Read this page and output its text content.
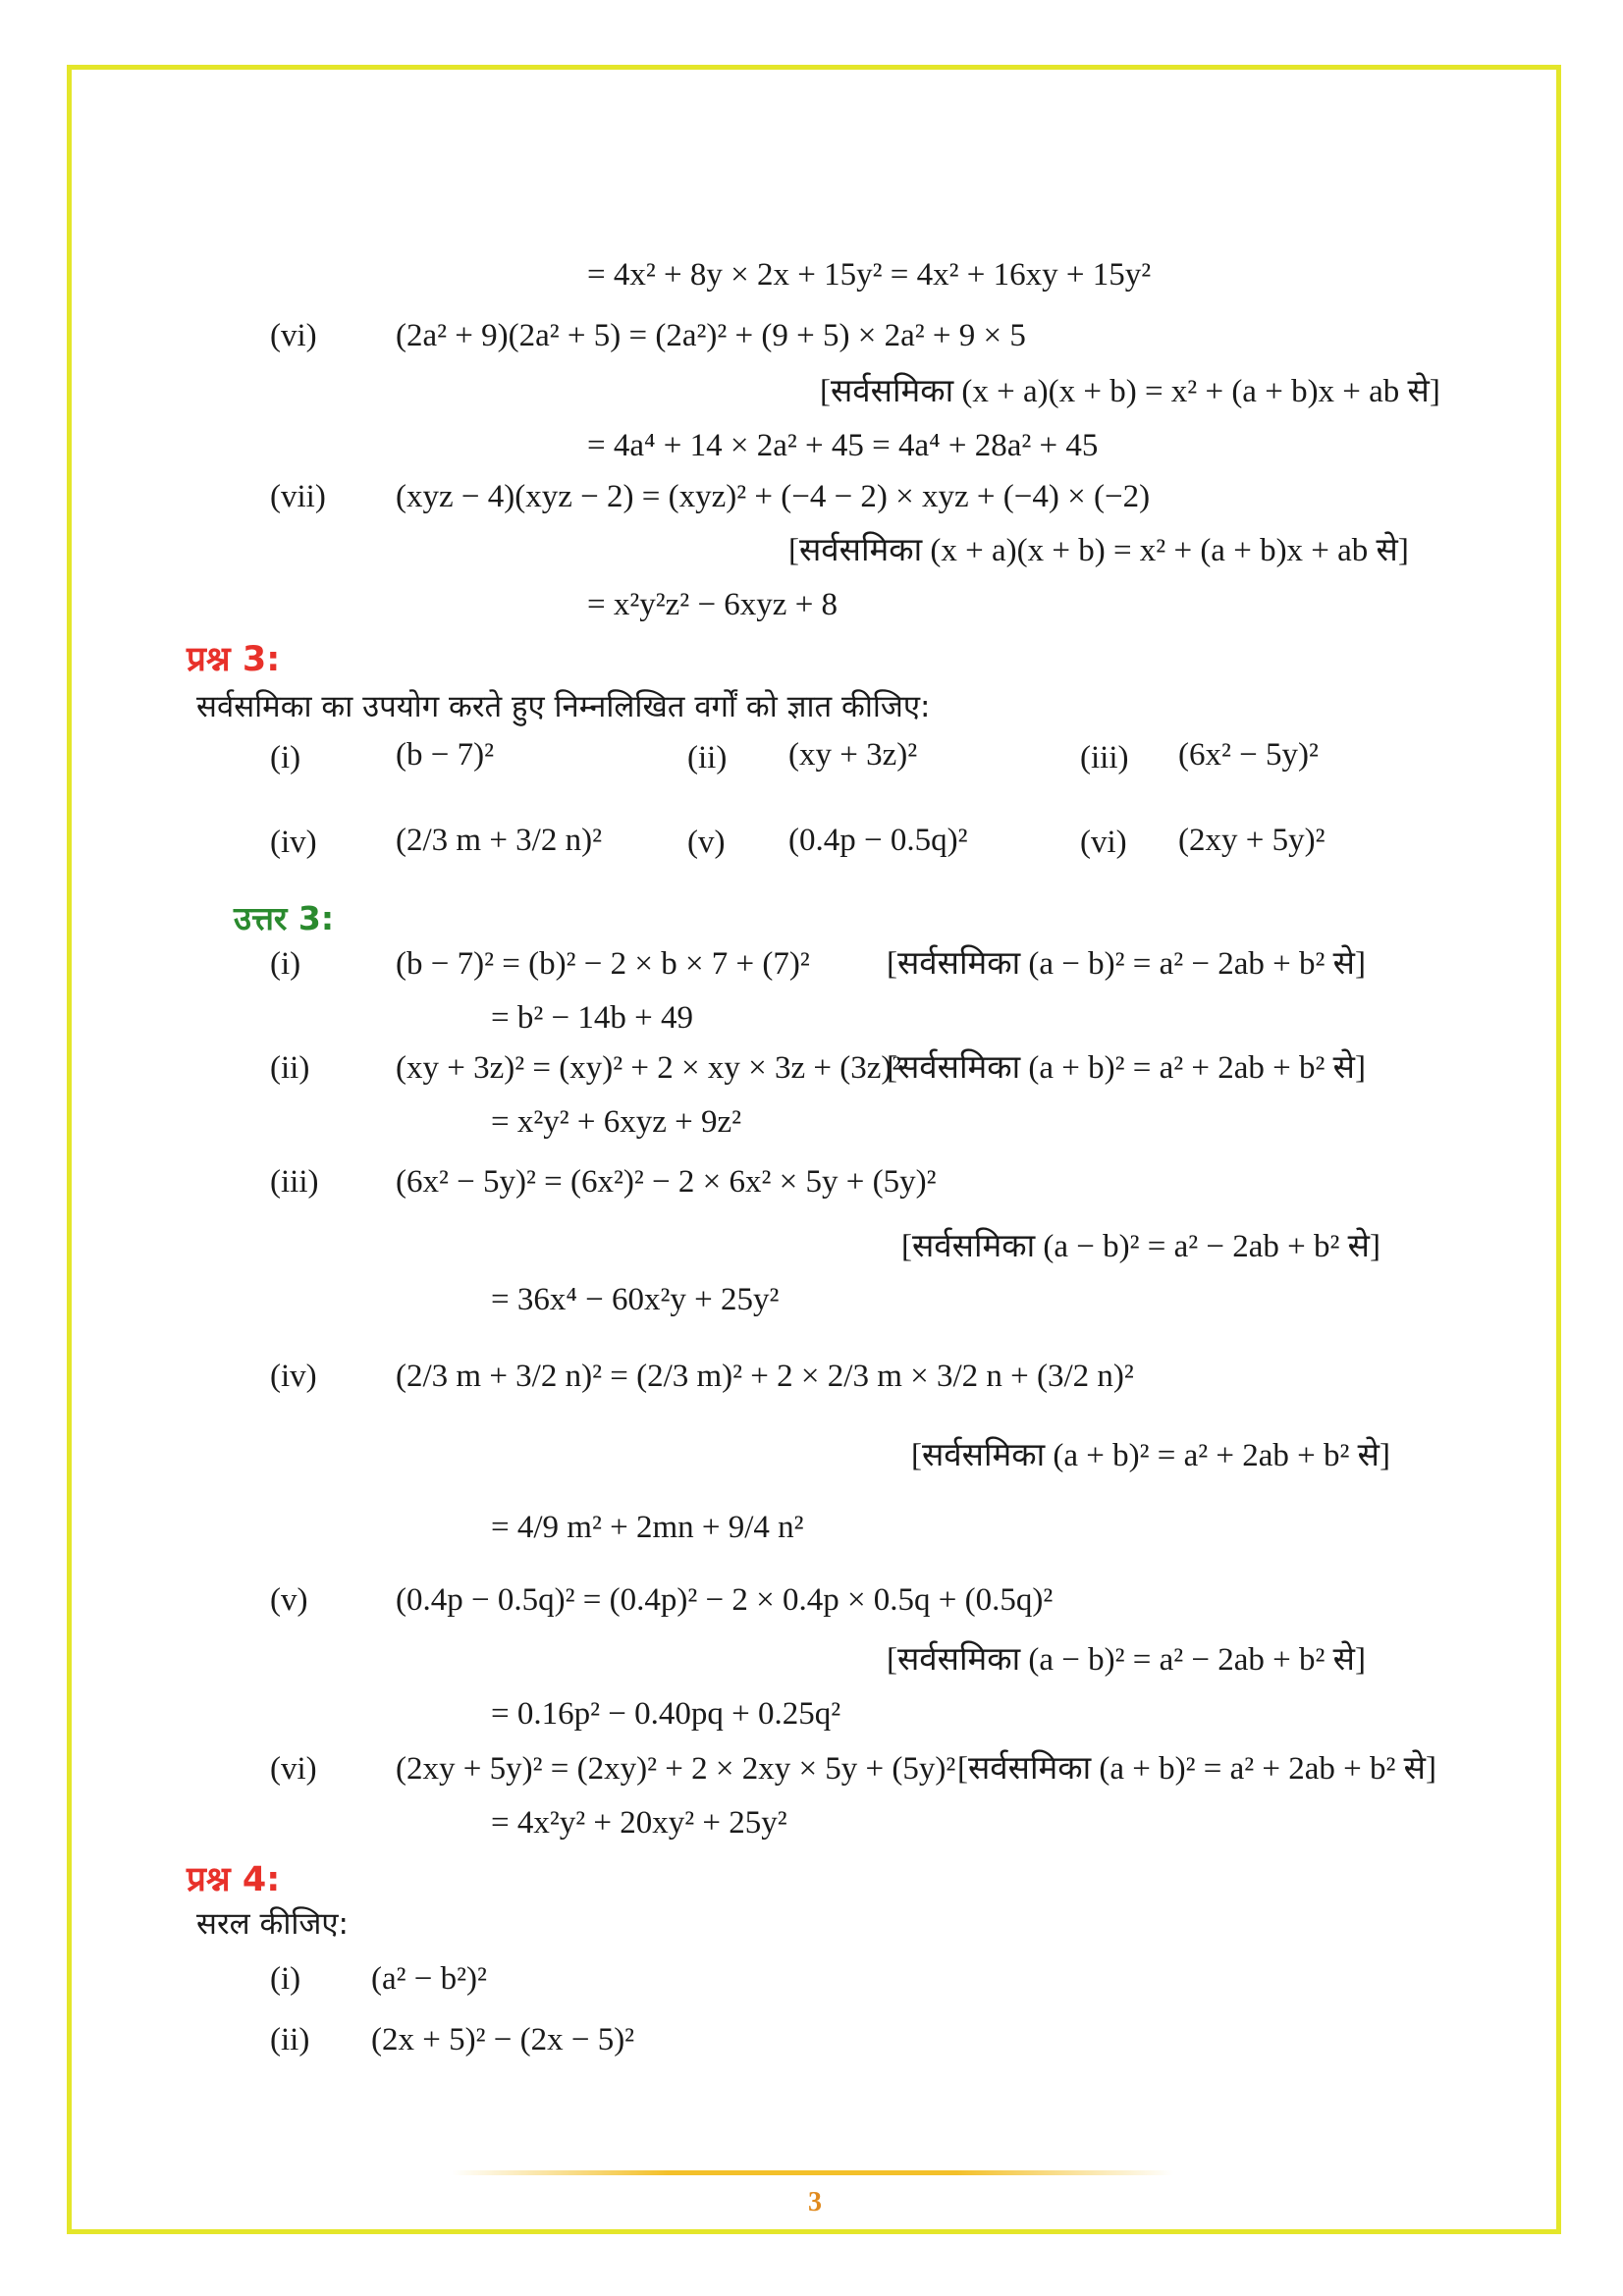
= 4x² + 8y × 2x + 15y² = 4x² + 16xy + 15y²
(vi) (2a² + 9)(2a² + 5) = (2a²)² + (9 + 5) × 2a² + 9 × 5
[सर्वसमिका (x + a)(x + b) = x² + (a + b)x + ab से]
= 4a⁴ + 14 × 2a² + 45 = 4a⁴ + 28a² + 45
(vii) (xyz − 4)(xyz − 2) = (xyz)² + (−4 − 2) × xyz + (−4) × (−2)
[सर्वसमिका (x + a)(x + b) = x² + (a + b)x + ab से]
= x²y²z² − 6xyz + 8
प्रश्न 3:
सर्वसमिका का उपयोग करते हुए निम्नलिखित वर्गों को ज्ञात कीजिए:
(i)	(b − 7)²	(ii) (xy + 3z)²	(iii) (6x² − 5y)²
(iv) (2/3 m + 3/2 n)²	(v) (0.4p − 0.5q)²	(vi) (2xy + 5y)²
उत्तर 3:
(i)	(b − 7)² = (b)² − 2 × b × 7 + (7)² [सर्वसमिका (a − b)² = a² − 2ab + b² से]
= b² − 14b + 49
(ii)	(xy + 3z)² = (xy)² + 2 × xy × 3z + (3z)²
[सर्वसमिका (a + b)² = a² + 2ab + b² से]
= x²y² + 6xyz + 9z²
(iii) (6x² − 5y)² = (6x²)² − 2 × 6x² × 5y + (5y)²
[सर्वसमिका (a − b)² = a² − 2ab + b² से]
= 36x⁴ − 60x²y + 25y²
(iv) (2/3 m + 3/2 n)² = (2/3 m)² + 2 × 2/3 m × 3/2 n + (3/2 n)²
[सर्वसमिका (a + b)² = a² + 2ab + b² से]
= 4/9 m² + 2mn + 9/4 n²
(v)	(0.4p − 0.5q)² = (0.4p)² − 2 × 0.4p × 0.5q + (0.5q)²
[सर्वसमिका (a − b)² = a² − 2ab + b² से]
= 0.16p² − 0.40pq + 0.25q²
(vi) (2xy + 5y)² = (2xy)² + 2 × 2xy × 5y + (5y)² [सर्वसमिका (a + b)² = a² + 2ab + b² से]
= 4x²y² + 20xy² + 25y²
प्रश्न 4:
सरल कीजिए:
(i) (a² − b²)²
(ii) (2x + 5)² − (2x − 5)²
3
